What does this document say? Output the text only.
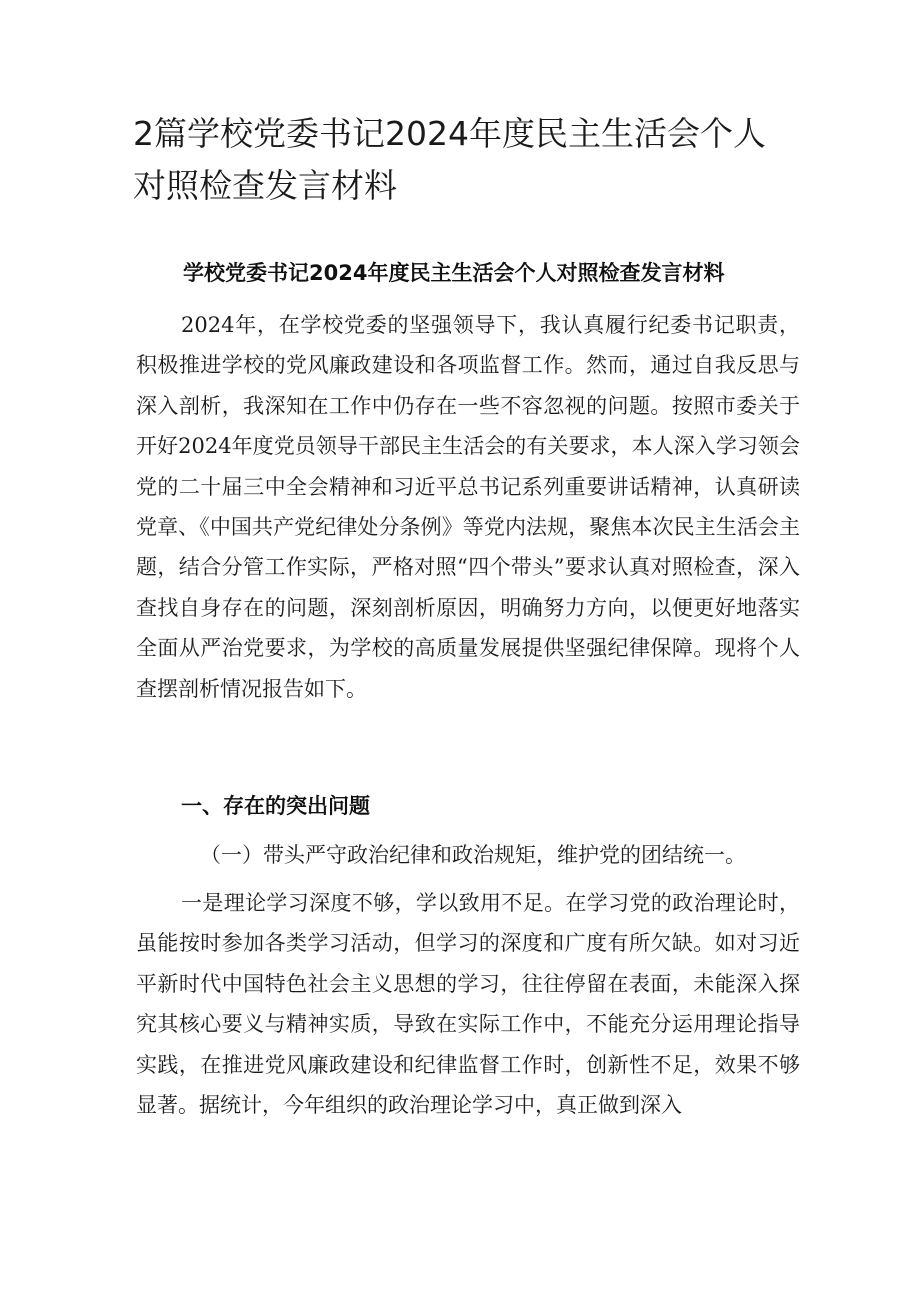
2篇学校党委书记2024年度民主生活会个人对照检查发言材料
学校党委书记2024年度民主生活会个人对照检查发言材料

2024年，在学校党委的坚强领导下，我认真履行纪委书记职责，积极推进学校的党风廉政建设和各项监督工作。然而，通过自我反思与深入剖析，我深知在工作中仍存在一些不容忽视的问题。按照市委关于开好2024年度党员领导干部民主生活会的有关要求，本人深入学习领会党的二十届三中全会精神和习近平总书记系列重要讲话精神，认真研读党章、《中国共产党纪律处分条例》等党内法规，聚焦本次民主生活会主题，结合分管工作实际，严格对照“四个带头”要求认真对照检查，深入查找自身存在的问题，深刻剖析原因，明确努力方向，以便更好地落实全面从严治党要求，为学校的高质量发展提供坚强纪律保障。现将个人查摆剖析情况报告如下。

一、存在的突出问题

（一）带头严守政治纪律和政治规矩，维护党的团结统一。

一是理论学习深度不够，学以致用不足。在学习党的政治理论时，虽能按时参加各类学习活动，但学习的深度和广度有所欠缺。如对习近平新时代中国特色社会主义思想的学习，往往停留在表面，未能深入探究其核心要义与精神实质，导致在实际工作中，不能充分运用理论指导实践，在推进党风廉政建设和纪律监督工作时，创新性不足，效果不够显著。据统计，今年组织的政治理论学习中，真正做到深入
